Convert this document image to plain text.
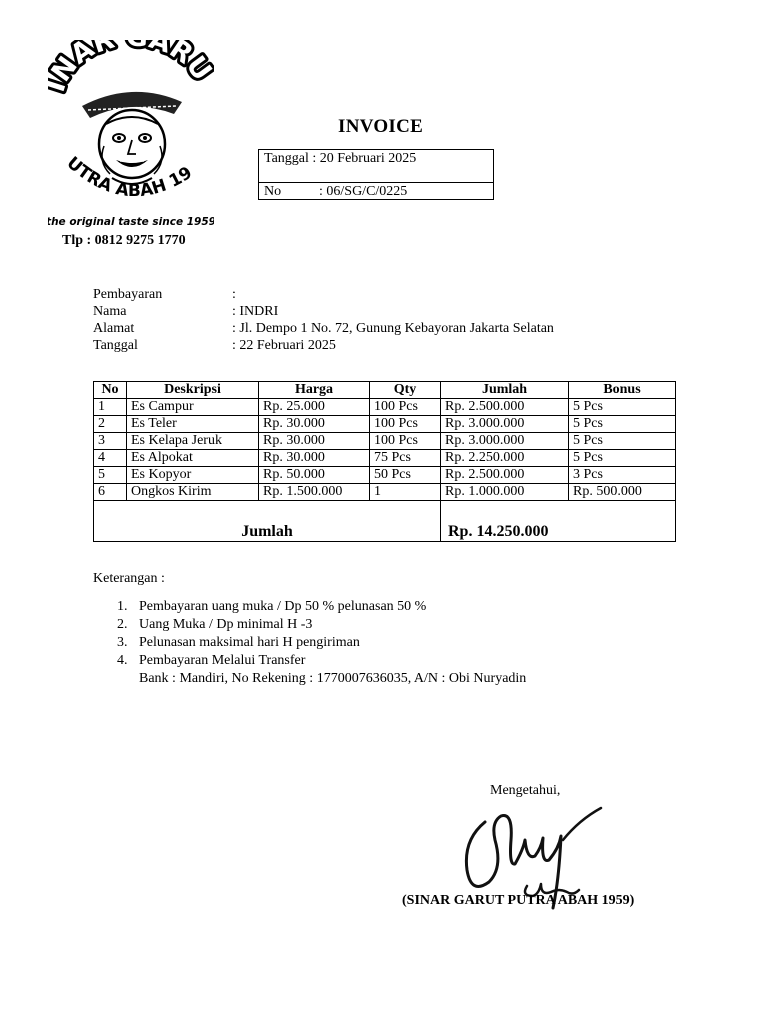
NAR ARU
UTRA ABAH 19
the original taste since 1959
Tlp : 0812 9275 1770
INVOICE
Tanggal : 20 Februari 2025
No	: 06/SG/C/0225
Pembayaran	:
Nama	: INDRI
Alamat	: Jl. Dempo 1 No. 72, Gunung Kebayoran Jakarta Selatan
Tanggal	: 22 Februari 2025
No	Deskripsi	Harga	Qty	Jumlah	Bonus
1	Es Campur	Rp. 25.000	100 Pcs	Rp. 2.500.000	5 Pcs
2	Es Teler	Rp. 30.000	100 Pcs	Rp. 3.000.000	5 Pcs
3	Es Kelapa Jeruk	Rp. 30.000	100 Pcs	Rp. 3.000.000	5 Pcs
4	Es Alpokat	Rp. 30.000	75 Pcs	Rp. 2.250.000	5 Pcs
5	Es Kopyor	Rp. 50.000	50 Pcs	Rp. 2.500.000	3 Pcs
6	Ongkos Kirim	Rp. 1.500.000	1	Rp. 1.000.000	Rp. 500.000
Jumlah				Rp. 14.250.000	
Keterangan :
1. Pembayaran uang muka / Dp 50 % pelunasan 50 %
2. Uang Muka / Dp minimal H -3
3. Pelunasan maksimal hari H pengiriman
4. Pembayaran Melalui Transfer
Bank : Mandiri, No Rekening : 1770007636035, A/N : Obi Nuryadin
Mengetahui,
(SINAR GARUT PUTRA ABAH 1959)
